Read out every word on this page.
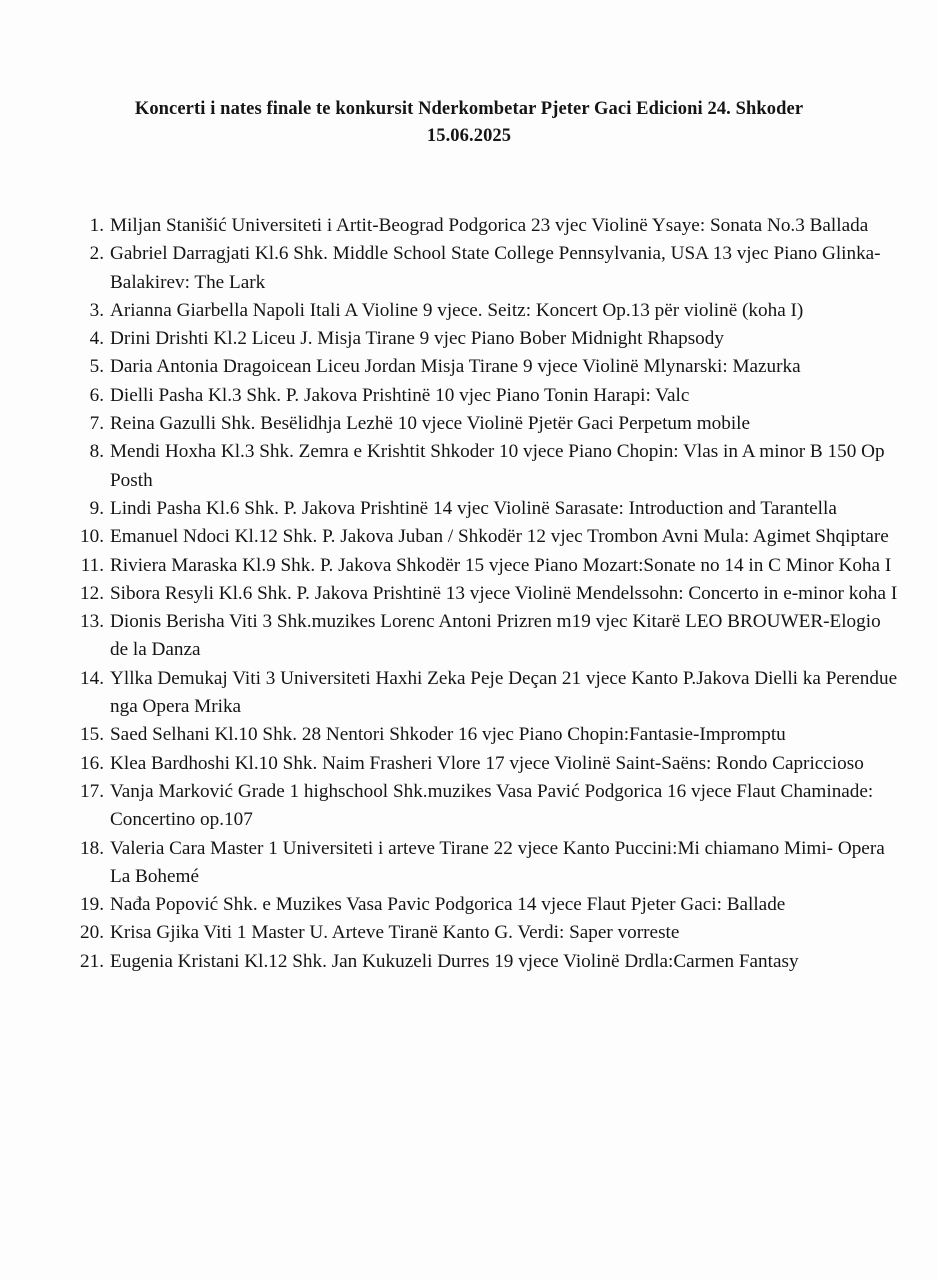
Koncerti i nates finale te konkursit Nderkombetar Pjeter Gaci Edicioni 24. Shkoder
15.06.2025
1. Miljan Stanišić Universiteti i Artit-Beograd Podgorica 23 vjec Violinë Ysaye: Sonata No.3 Ballada
2. Gabriel Darragjati Kl.6 Shk. Middle School State College Pennsylvania, USA 13 vjec Piano Glinka-Balakirev: The Lark
3. Arianna Giarbella Napoli Itali A Violine 9 vjece. Seitz: Koncert Op.13 për violinë (koha I)
4. Drini Drishti Kl.2 Liceu J. Misja Tirane 9 vjec Piano Bober Midnight Rhapsody
5. Daria Antonia Dragoicean Liceu Jordan Misja Tirane 9 vjece Violinë Mlynarski: Mazurka
6. Dielli Pasha Kl.3 Shk. P. Jakova Prishtinë 10 vjec Piano Tonin Harapi: Valc
7. Reina Gazulli Shk. Besëlidhja Lezhë 10 vjece Violinë Pjetër Gaci Perpetum mobile
8. Mendi Hoxha Kl.3 Shk. Zemra e Krishtit Shkoder 10 vjece Piano Chopin: Vlas in A minor B 150 Op Posth
9. Lindi Pasha Kl.6 Shk. P. Jakova Prishtinë 14 vjec Violinë Sarasate: Introduction and Tarantella
10. Emanuel Ndoci Kl.12 Shk. P. Jakova Juban / Shkodër 12 vjec Trombon Avni Mula: Agimet Shqiptare
11. Riviera Maraska Kl.9 Shk. P. Jakova Shkodër 15 vjece Piano Mozart:Sonate no 14 in C Minor Koha I
12. Sibora Resyli Kl.6 Shk. P. Jakova Prishtinë 13 vjece Violinë Mendelssohn: Concerto in e-minor koha I
13. Dionis Berisha Viti 3 Shk.muzikes Lorenc Antoni Prizren m19 vjec Kitarë LEO BROUWER-Elogio de la Danza
14. Yllka Demukaj Viti 3 Universiteti Haxhi Zeka Peje Deçan 21 vjece Kanto P.Jakova Dielli ka Perendue nga Opera Mrika
15. Saed Selhani Kl.10 Shk. 28 Nentori Shkoder 16 vjec Piano Chopin:Fantasie-Impromptu
16. Klea Bardhoshi Kl.10 Shk. Naim Frasheri Vlore 17 vjece Violinë Saint-Saëns: Rondo Capriccioso
17. Vanja Marković Grade 1 highschool Shk.muzikes Vasa Pavić Podgorica 16 vjece Flaut Chaminade: Concertino op.107
18. Valeria Cara Master 1 Universiteti i arteve Tirane 22 vjece Kanto Puccini:Mi chiamano Mimi- Opera La Bohemé
19. Nađa Popović Shk. e Muzikes Vasa Pavic Podgorica 14 vjece Flaut Pjeter Gaci: Ballade
20. Krisa Gjika Viti 1 Master U. Arteve Tiranë Kanto G. Verdi: Saper vorreste
21. Eugenia Kristani Kl.12 Shk. Jan Kukuzeli Durres 19 vjece Violinë Drdla:Carmen Fantasy
